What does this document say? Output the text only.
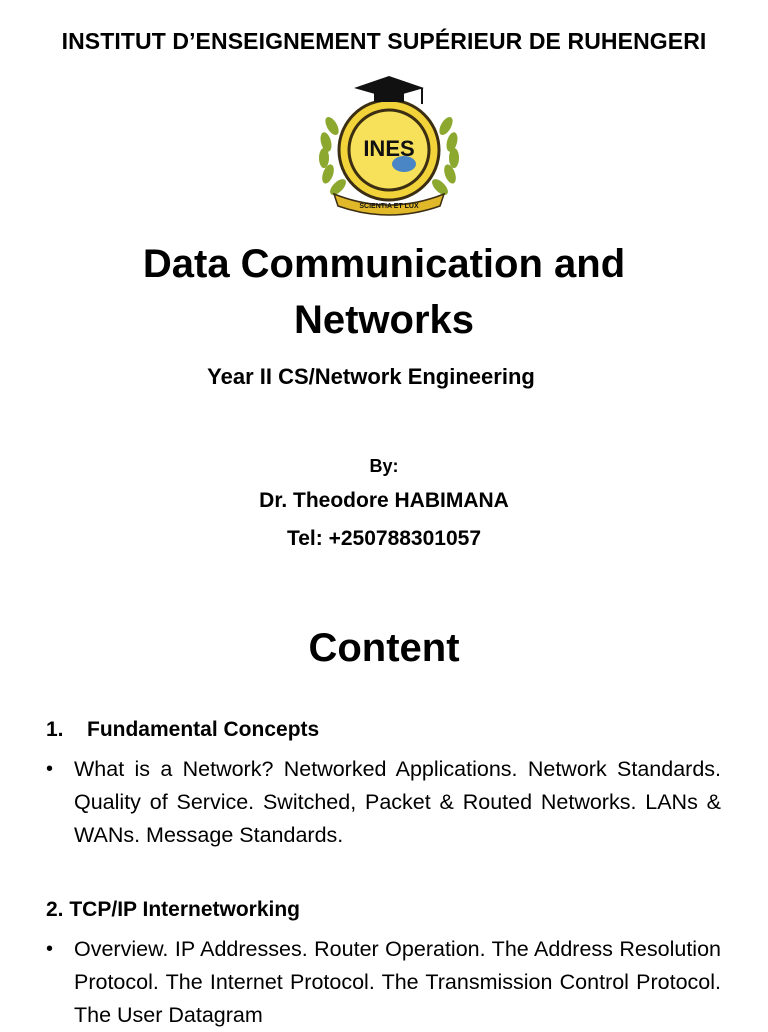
INSTITUT D’ENSEIGNEMENT SUPÉRIEUR DE RUHENGERI
INES
SCIENTIA ET LUX
Data Communication and Networks
Year II CS/Network Engineering
By:
Dr. Theodore HABIMANA
Tel: +250788301057
Content
1. Fundamental Concepts
• What is a Network? Networked Applications. Network Standards. Quality of Service. Switched, Packet & Routed Networks. LANs & WANs. Message Standards.
2. TCP/IP Internetworking
• Overview. IP Addresses. Router Operation. The Address Resolution Protocol. The Internet Protocol. The Transmission Control Protocol. The User Datagram
